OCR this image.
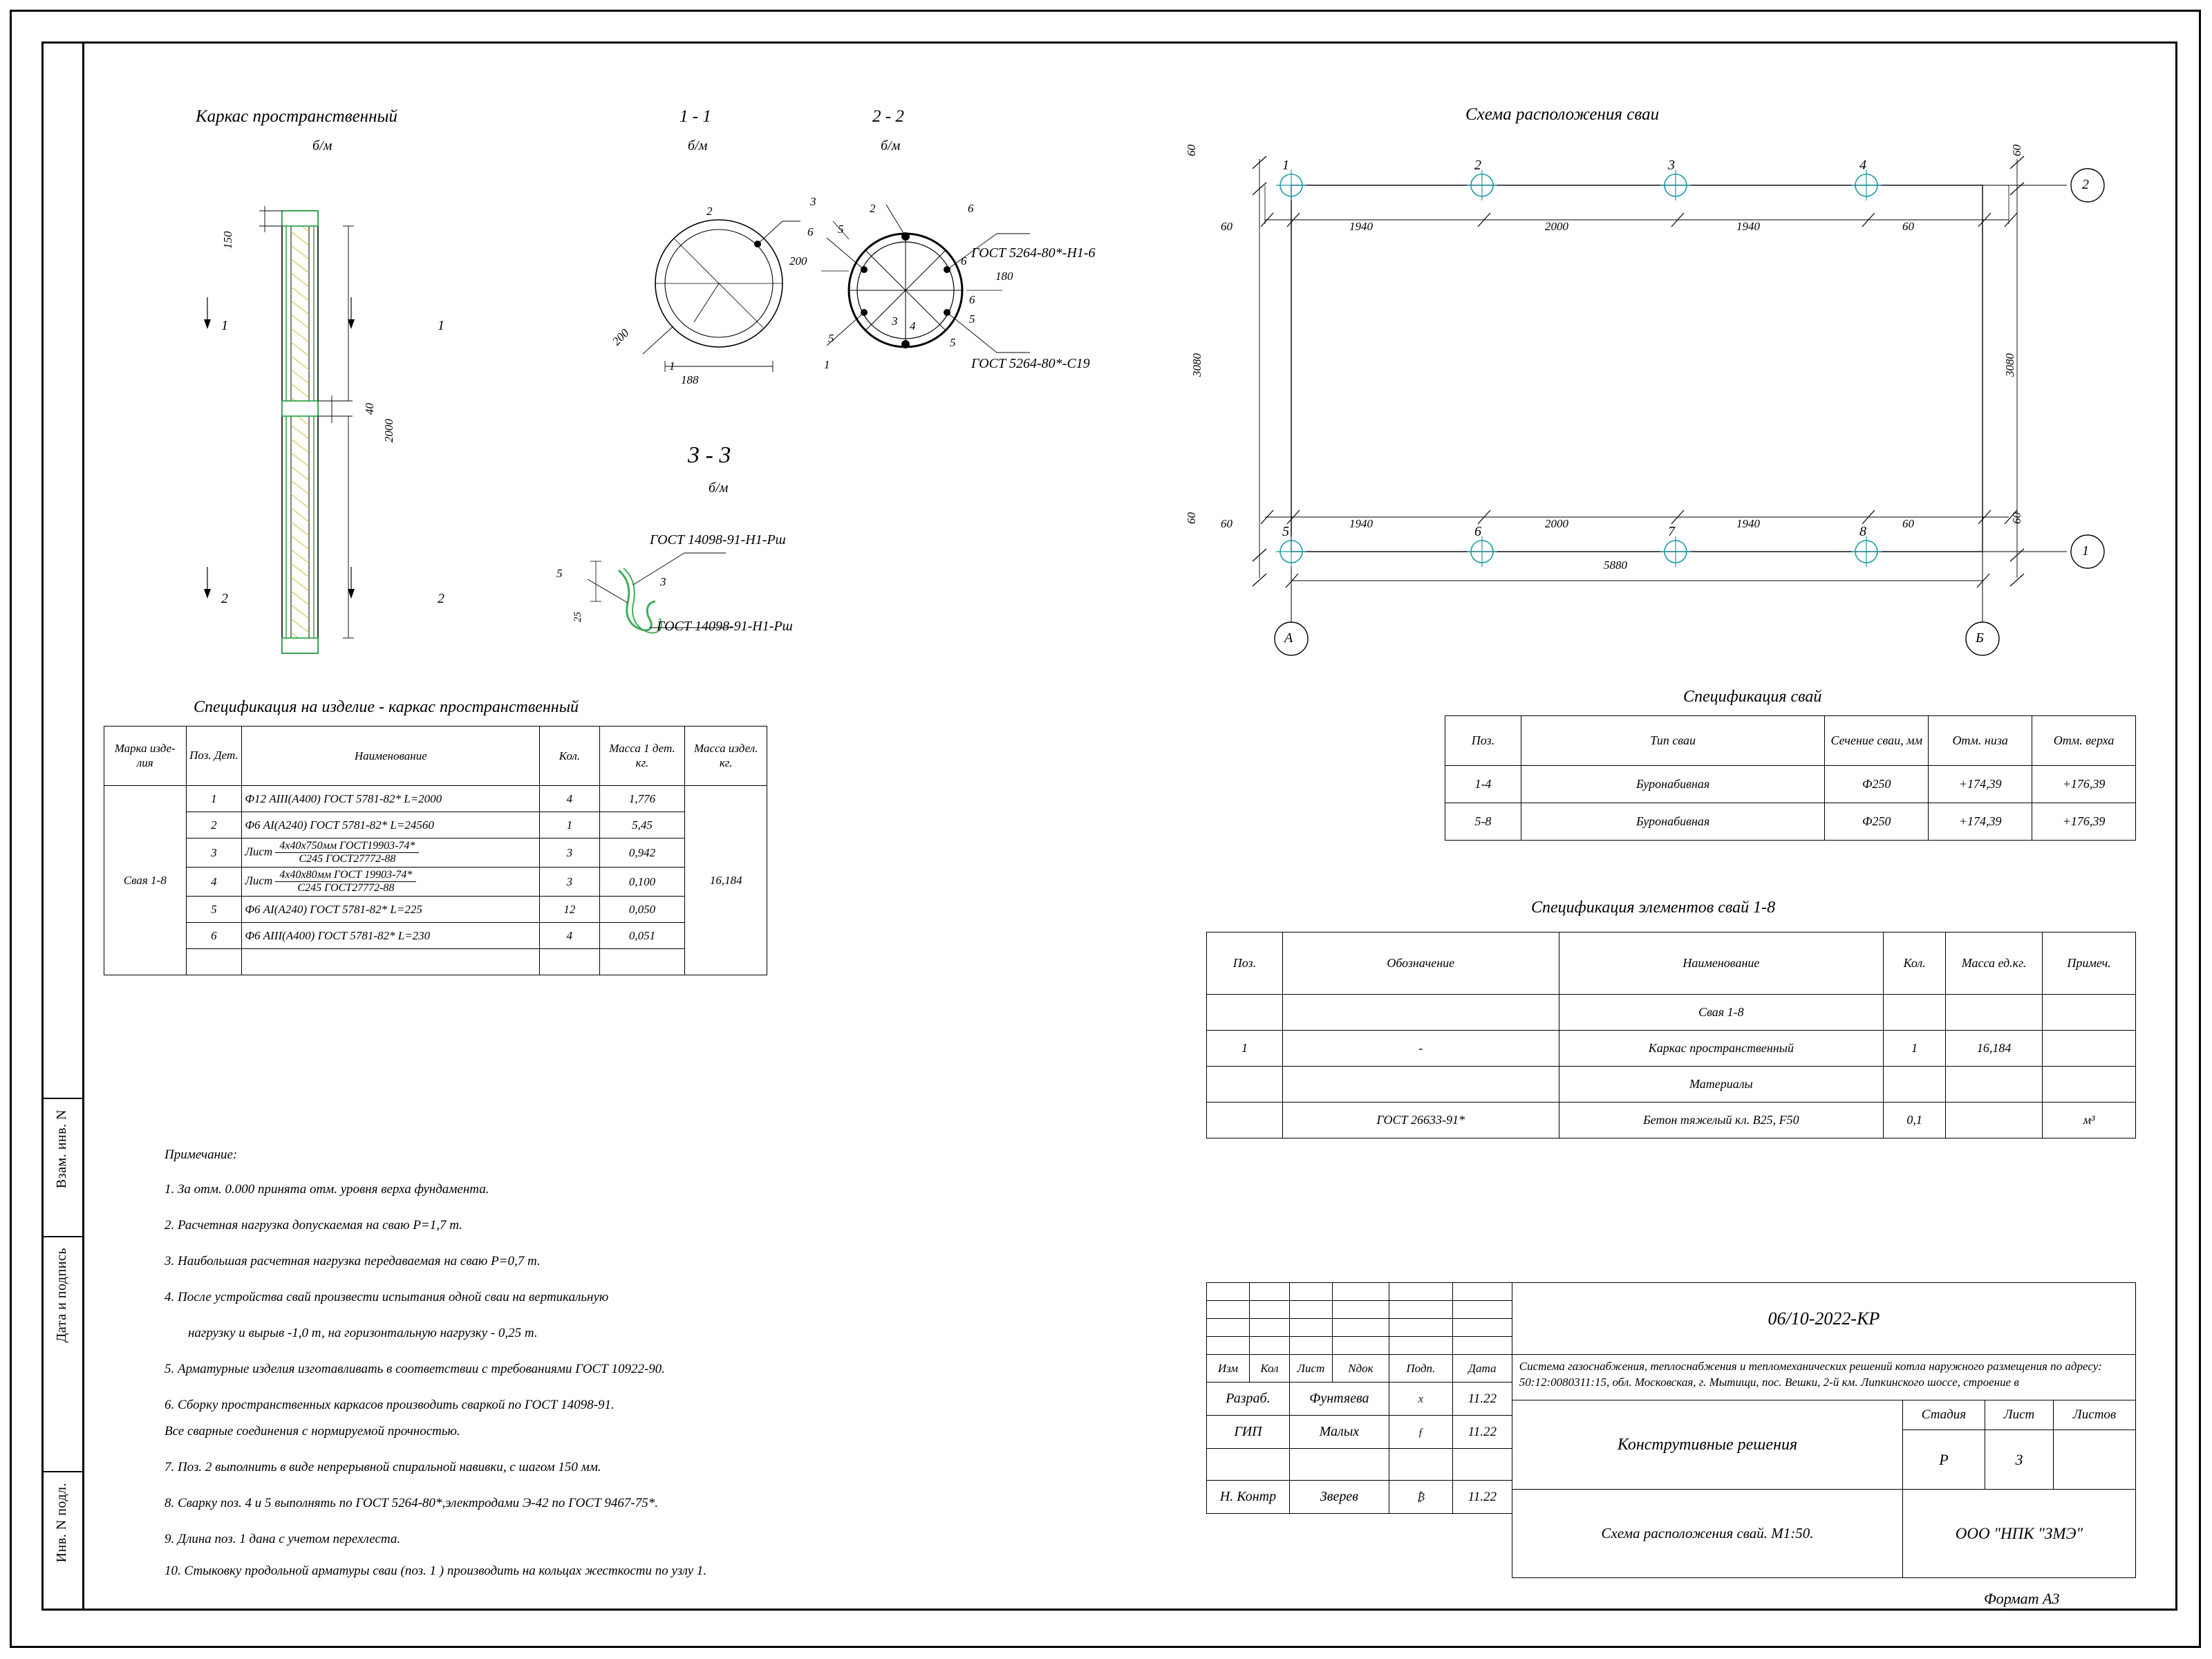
Взам. инв. N
Дата и подпись
Инв. N подл.
Каркас пространственный
б/м
150
40
2000
1	1
2	2
1 - 1
б/м
2
1
200
188
2 - 2
б/м
2	6
3
6 5
200
180
6
5
5
5
1
3 4
6
ГОСТ 5264-80*-Н1-6
ГОСТ 5264-80*-С19
3 - 3
б/м
5
3
25
ГОСТ 14098-91-Н1-Рш
ГОСТ 14098-91-Н1-Рш
Схема расположения сваи
1	2	3	4
5	6	7	8
2
1
А	Б
60
60	1940	2000	1940	60
60
60 60	1940	2000	1940	60	60
3080	3080
5880
Спецификация на изделие - каркас пространственный
Марка изде-лия	Поз. Дет.	Наименование	Кол.	Масса 1 дет. кг.	Масса издел. кг.

Свая 1-8	1	Ф12 АIII(А400) ГОСТ 5781-82* L=2000	4	1,776	16,184
	2	Ф6 АI(А240) ГОСТ 5781-82* L=24560	1	5,45	
	3	Лист 4х40х750мм ГОСТ19903-74*
С245 ГОСТ27772-88	3	0,942	
	4	Лист 4х40х80мм ГОСТ 19903-74*
С245 ГОСТ27772-88	3	0,100	
	5	Ф6 АI(А240) ГОСТ 5781-82* L=225	12	0,050	
	6	Ф6 АIII(А400) ГОСТ 5781-82* L=230	4	0,051	

Примечание:
1. За отм. 0.000 принята отм. уровня верха фундамента.
2. Расчетная нагрузка допускаемая на сваю Р=1,7 т.
3. Наибольшая расчетная нагрузка передаваемая на сваю Р=0,7 т.
4. После устройства свай произвести испытания одной сваи на вертикальную
нагрузку и вырыв -1,0 т, на горизонтальную нагрузку - 0,25 т.
5. Арматурные изделия изготавливать в соответствии с требованиями ГОСТ 10922-90.
6. Сборку пространственных каркасов производить сваркой по ГОСТ 14098-91.
Все сварные соединения с нормируемой прочностью.
7. Поз. 2 выполнить в виде непрерывной спиральной навивки, с шагом 150 мм.
8. Сварку поз. 4 и 5 выполнять по ГОСТ 5264-80*,электродами Э-42 по ГОСТ 9467-75*.
9. Длина поз. 1 дана с учетом перехлеста.
10. Стыковку продольной арматуры сваи (поз. 1 ) производить на кольцах жесткости по узлу 1.
Спецификация свай
Поз.	Тип сваи	Сечение сваи, мм	Отм. низа	Отм. верха

1-4	Буронабивная	Ф250	+174,39	+176,39
5-8	Буронабивная	Ф250	+174,39	+176,39
Спецификация элементов свай 1-8
Поз.	Обозначение	Наименование	Кол.	Масса ед.кг.	Примеч.
		Свая 1-8			
1	-	Каркас пространственный	1	16,184	
		Материалы			
	ГОСТ 26633-91*	Бетон тяжелый кл. В25, F50	0,1		м³
						06/10-2022-КР

Изм	Кол	Лист	Nдок	Подп.	Дата	Система газоснабжения, теплоснабжения и тепломеханических решений котла наружного размещения по адресу: 50:12:0080311:15, обл. Московская, г. Мытищи, пос. Вешки, 2-й км. Липкинского шоссе, строение в
Разраб.		Фунтяева		x	11.22	
ГИП		Малых		ƒ	11.22	

Н. Контр		Зверев		₿	11.22	
Конструтивные решения
Стадия	Лист	Листов
Р	3
Схема расположения свай. М1:50.	ООО "НПК "ЗМЭ"
Формат А3
